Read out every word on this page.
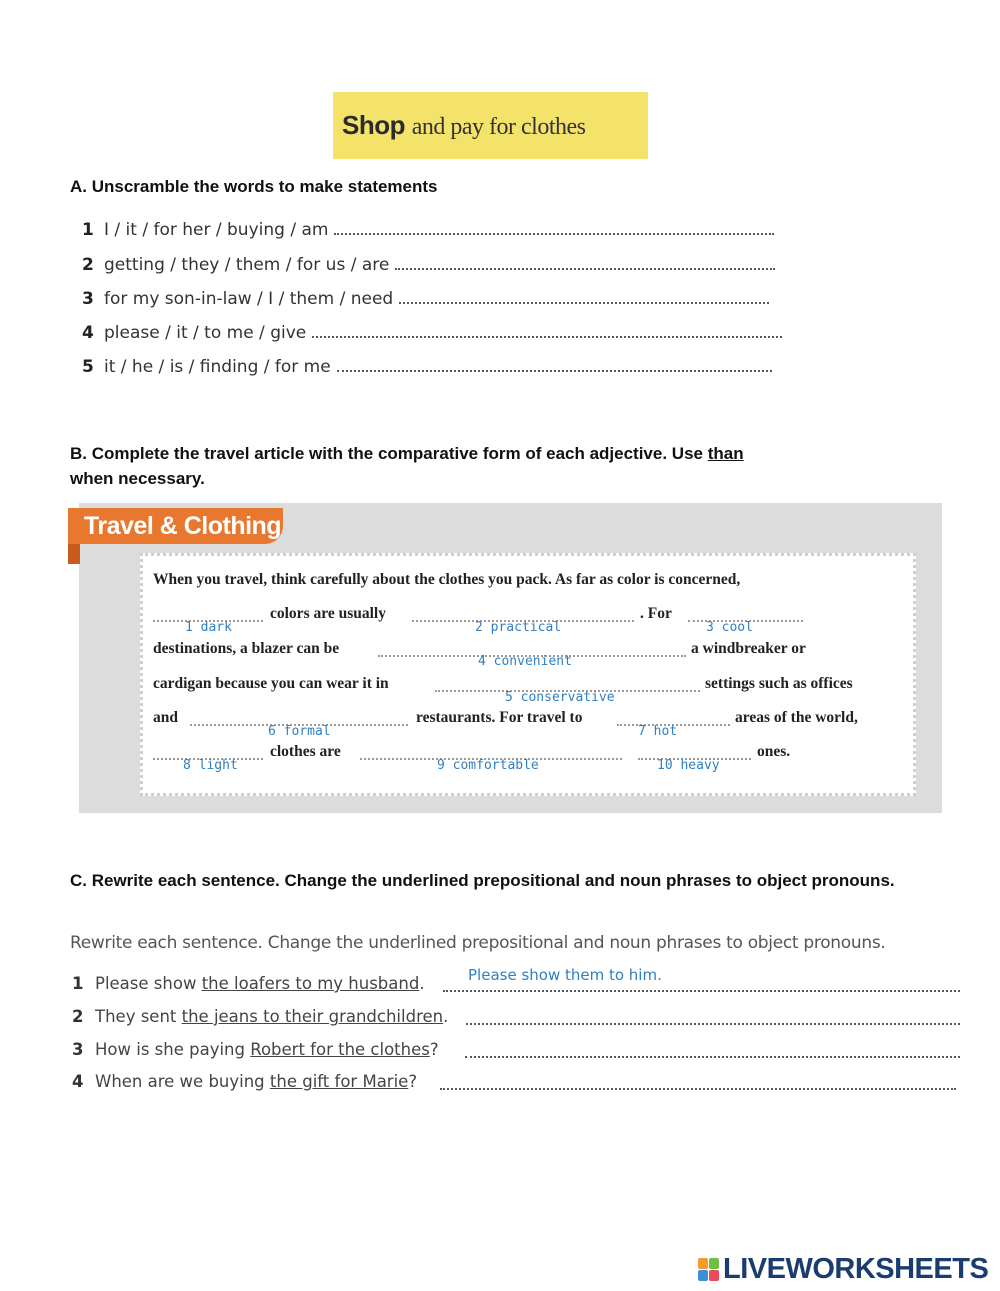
Shop and pay for clothes
A. Unscramble the words to make statements
1 I / it / for her / buying / am
2 getting / they / them / for us / are
3 for my son-in-law / I / them / need
4 please / it / to me / give
5 it / he / is / finding / for me
B. Complete the travel article with the comparative form of each adjective. Use than
when necessary.
Travel & Clothing
When you travel, think carefully about the clothes you pack. As far as color is concerned,
colors are usually	. For
1 dark	2 practical	3 cool
destinations, a blazer can be	a windbreaker or
4 convenient
cardigan because you can wear it in	settings such as offices
5 conservative
and	restaurants. For travel to	areas of the world,
6 formal	7 hot
clothes are	ones.
8 light	9 comfortable	10 heavy
C. Rewrite each sentence. Change the underlined prepositional and noun phrases to object pronouns.
Rewrite each sentence. Change the underlined prepositional and noun phrases to object pronouns.
Please show them to him.
1 Please show the loafers to my husband.
2 They sent the jeans to their grandchildren.
3 How is she paying Robert for the clothes?
4 When are we buying the gift for Marie?
LIVEWORKSHEETS
